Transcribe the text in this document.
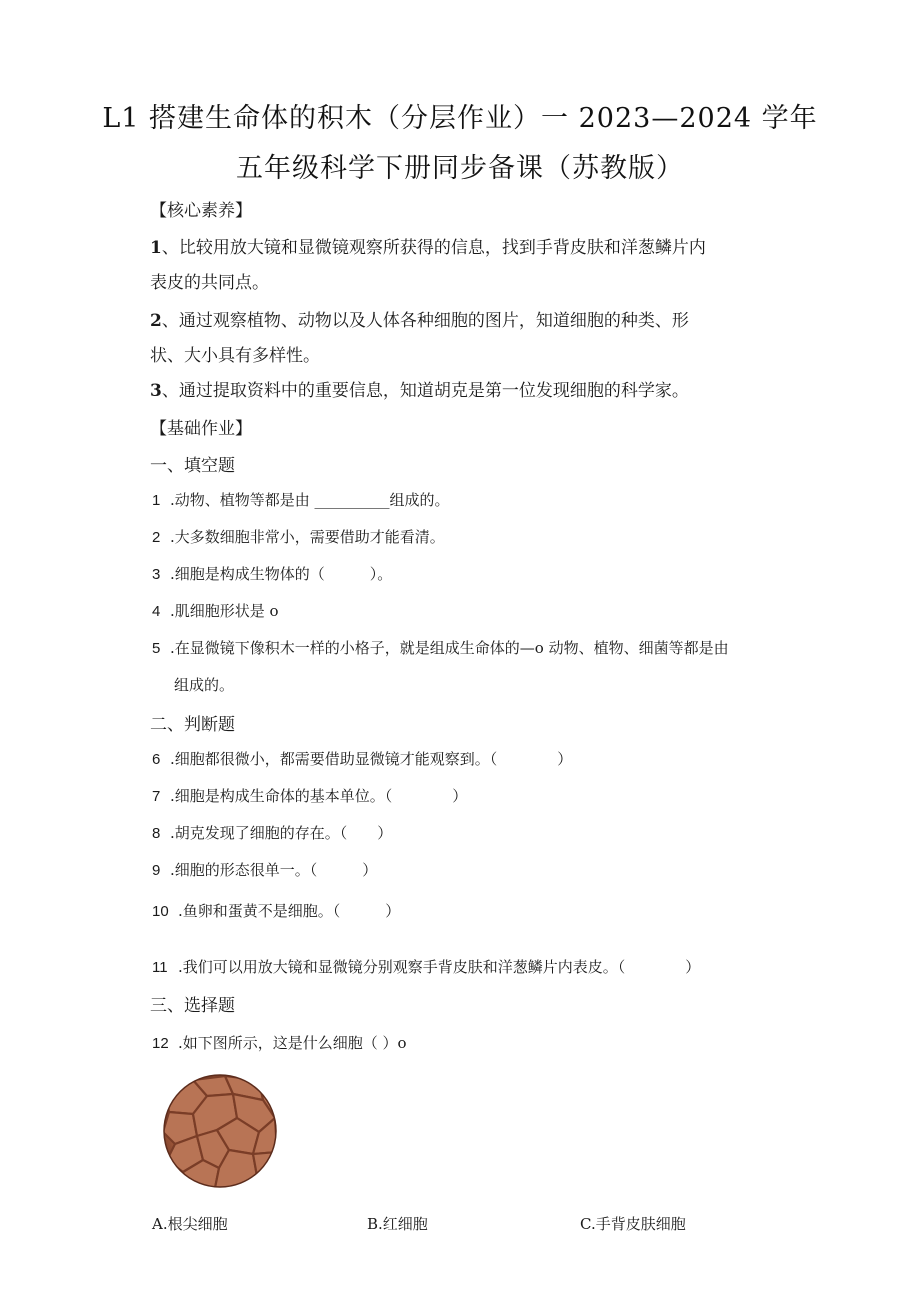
L1 搭建生命体的积木（分层作业）一 2023—2024 学年
五年级科学下册同步备课（苏教版）
【核心素养】
1、比较用放大镜和显微镜观察所获得的信息，找到手背皮肤和洋葱鳞片内
表皮的共同点。
2、通过观察植物、动物以及人体各种细胞的图片，知道细胞的种类、形
状、大小具有多样性。
3、通过提取资料中的重要信息，知道胡克是第一位发现细胞的科学家。
【基础作业】
一、填空题
1 .动物、植物等都是由 __________组成的。
2 .大多数细胞非常小，需要借助才能看清。
3 .细胞是构成生物体的（　　　）。
4 .肌细胞形状是 o
5 .在显微镜下像积木一样的小格子，就是组成生命体的—o 动物、植物、细菌等都是由
组成的。
二、判断题
6 .细胞都很微小，都需要借助显微镜才能观察到。（　　　　）
7 .细胞是构成生命体的基本单位。（　　　　）
8 .胡克发现了细胞的存在。（　　）
9 .细胞的形态很单一。（　　　）
10 .鱼卵和蛋黄不是细胞。（　　　）
11 .我们可以用放大镜和显微镜分别观察手背皮肤和洋葱鳞片内表皮。（　　　　）
三、选择题
12 .如下图所示，这是什么细胞（ ）o
A.根尖细胞	B.红细胞	C.手背皮肤细胞
